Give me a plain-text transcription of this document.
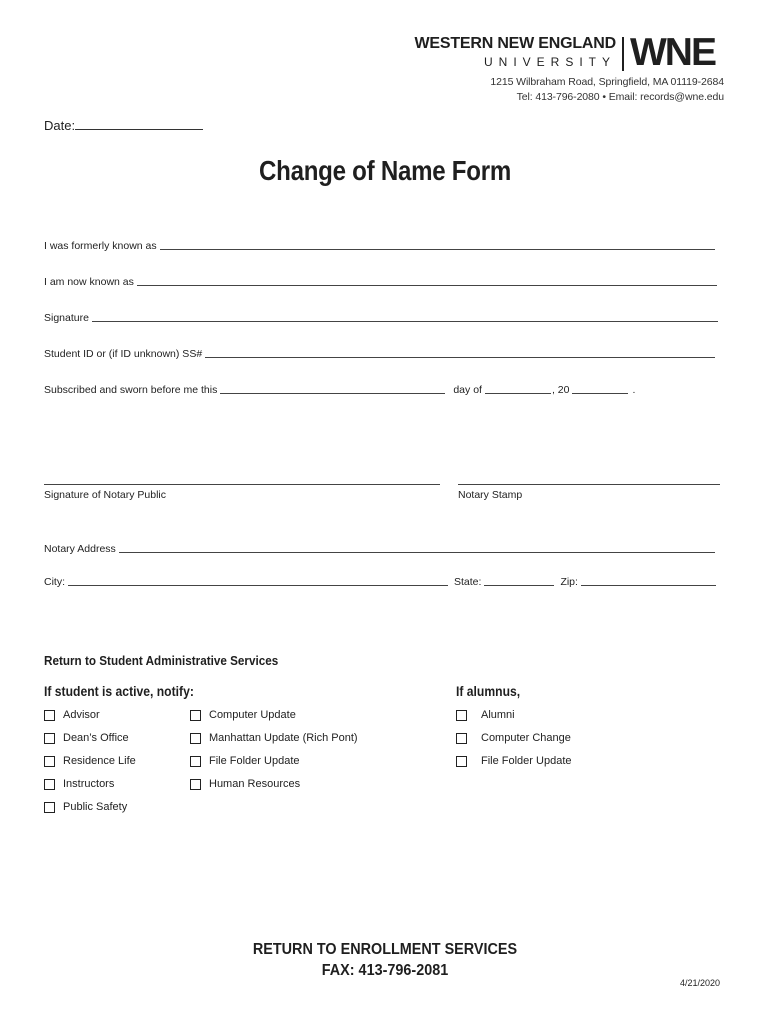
WESTERN NEW ENGLAND
UNIVERSITY WNE
1215 Wilbraham Road, Springfield, MA 01119-2684
Tel: 413-796-2080 • Email: records@wne.edu
Date:
Change of Name Form
I was formerly known as
I am now known as
Signature
Student ID or (if ID unknown) SS#
Subscribed and sworn before me this	day of	, 20	.
Signature of Notary Public	Notary Stamp
Notary Address
City:	State:	Zip:
Return to Student Administrative Services
If student is active, notify:	If alumnus,
Advisor
Dean’s Office
Residence Life
Instructors
Public Safety
Computer Update
Manhattan Update (Rich Pont)
File Folder Update
Human Resources
Alumni
Computer Change
File Folder Update
RETURN TO ENROLLMENT SERVICES
FAX: 413-796-2081
4/21/2020
